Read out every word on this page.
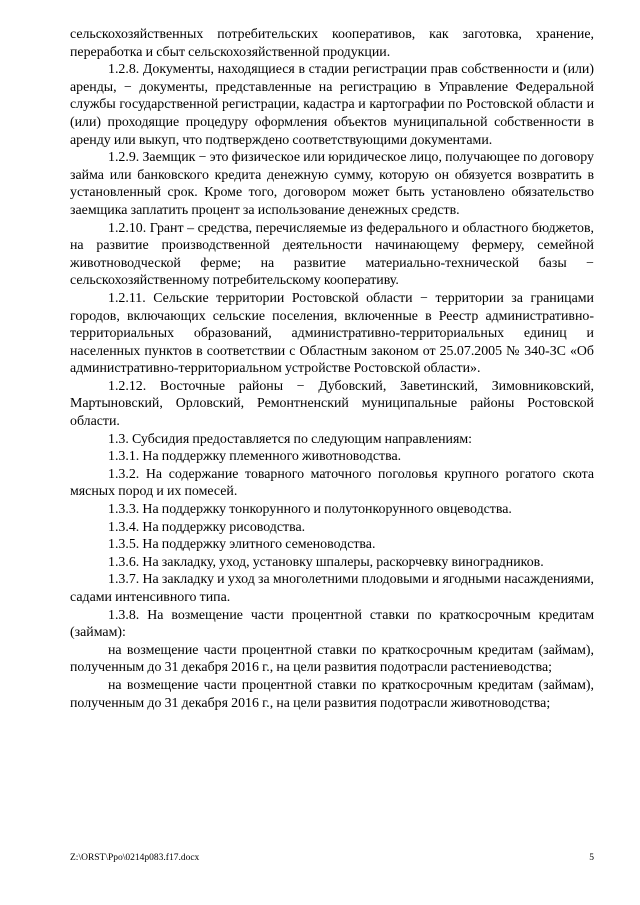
сельскохозяйственных потребительских кооперативов, как заготовка, хранение, переработка и сбыт сельскохозяйственной продукции.

1.2.8. Документы, находящиеся в стадии регистрации прав собственности и (или) аренды, − документы, представленные на регистрацию в Управление Федеральной службы государственной регистрации, кадастра и картографии по Ростовской области и (или) проходящие процедуру оформления объектов муниципальной собственности в аренду или выкуп, что подтверждено соответствующими документами.

1.2.9. Заемщик − это физическое или юридическое лицо, получающее по договору займа или банковского кредита денежную сумму, которую он обязуется возвратить в установленный срок. Кроме того, договором может быть установлено обязательство заемщика заплатить процент за использование денежных средств.

1.2.10. Грант – средства, перечисляемые из федерального и областного бюджетов, на развитие производственной деятельности начинающему фермеру, семейной животноводческой ферме; на развитие материально-технической базы − сельскохозяйственному потребительскому кооперативу.

1.2.11. Сельские территории Ростовской области − территории за границами городов, включающих сельские поселения, включенные в Реестр административно-территориальных образований, административно-территориальных единиц и населенных пунктов в соответствии с Областным законом от 25.07.2005 № 340-ЗС «Об административно-территориальном устройстве Ростовской области».

1.2.12. Восточные районы − Дубовский, Заветинский, Зимовниковский, Мартыновский, Орловский, Ремонтненский муниципальные районы Ростовской области.

1.3. Субсидия предоставляется по следующим направлениям:

1.3.1. На поддержку племенного животноводства.

1.3.2. На содержание товарного маточного поголовья крупного рогатого скота мясных пород и их помесей.

1.3.3. На поддержку тонкорунного и полутонкорунного овцеводства.

1.3.4. На поддержку рисоводства.

1.3.5. На поддержку элитного семеноводства.

1.3.6. На закладку, уход, установку шпалеры, раскорчевку виноградников.

1.3.7. На закладку и уход за многолетними плодовыми и ягодными насаждениями, садами интенсивного типа.

1.3.8. На возмещение части процентной ставки по краткосрочным кредитам (займам):

на возмещение части процентной ставки по краткосрочным кредитам (займам), полученным до 31 декабря 2016 г., на цели развития подотрасли растениеводства;

на возмещение части процентной ставки по краткосрочным кредитам (займам), полученным до 31 декабря 2016 г., на цели развития подотрасли животноводства;

Z:\ORST\Ppo\0214p083.f17.docx	5
